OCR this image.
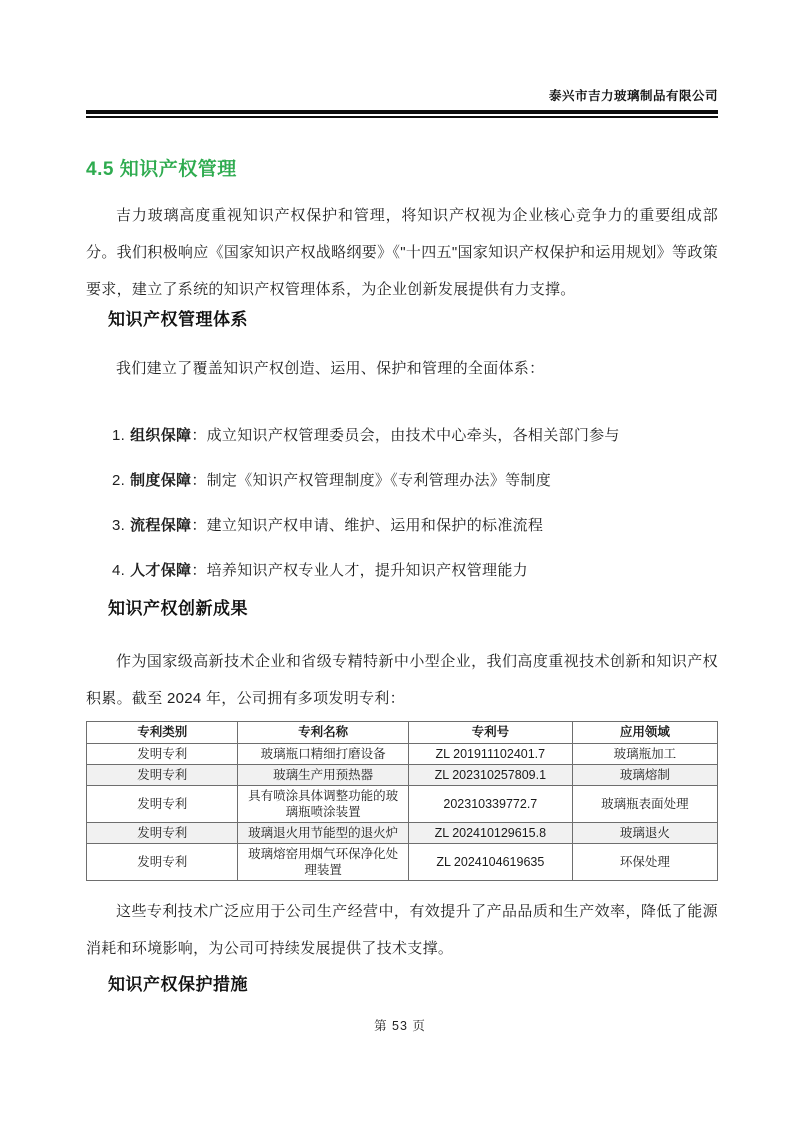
泰兴市吉力玻璃制品有限公司
4.5 知识产权管理

吉力玻璃高度重视知识产权保护和管理，将知识产权视为企业核心竞争力的重要组成部分。我们积极响应《国家知识产权战略纲要》《"十四五"国家知识产权保护和运用规划》等政策要求，建立了系统的知识产权管理体系，为企业创新发展提供有力支撑。

知识产权管理体系

我们建立了覆盖知识产权创造、运用、保护和管理的全面体系：

1. 组织保障：成立知识产权管理委员会，由技术中心牵头，各相关部门参与
2. 制度保障：制定《知识产权管理制度》《专利管理办法》等制度
3. 流程保障：建立知识产权申请、维护、运用和保护的标准流程
4. 人才保障：培养知识产权专业人才，提升知识产权管理能力
知识产权创新成果

作为国家级高新技术企业和省级专精特新中小型企业，我们高度重视技术创新和知识产权积累。截至 2024 年，公司拥有多项发明专利：

专利类别	专利名称	专利号	应用领域
发明专利	玻璃瓶口精细打磨设备	ZL 201911102401.7	玻璃瓶加工
发明专利	玻璃生产用预热器	ZL 202310257809.1	玻璃熔制
发明专利	具有喷涂具体调整功能的玻璃瓶喷涂装置	202310339772.7	玻璃瓶表面处理
发明专利	玻璃退火用节能型的退火炉	ZL 202410129615.8	玻璃退火
发明专利	玻璃熔窑用烟气环保净化处理装置	ZL 2024104619635	环保处理

这些专利技术广泛应用于公司生产经营中，有效提升了产品品质和生产效率，降低了能源消耗和环境影响，为公司可持续发展提供了技术支撑。

知识产权保护措施
第 53 页
